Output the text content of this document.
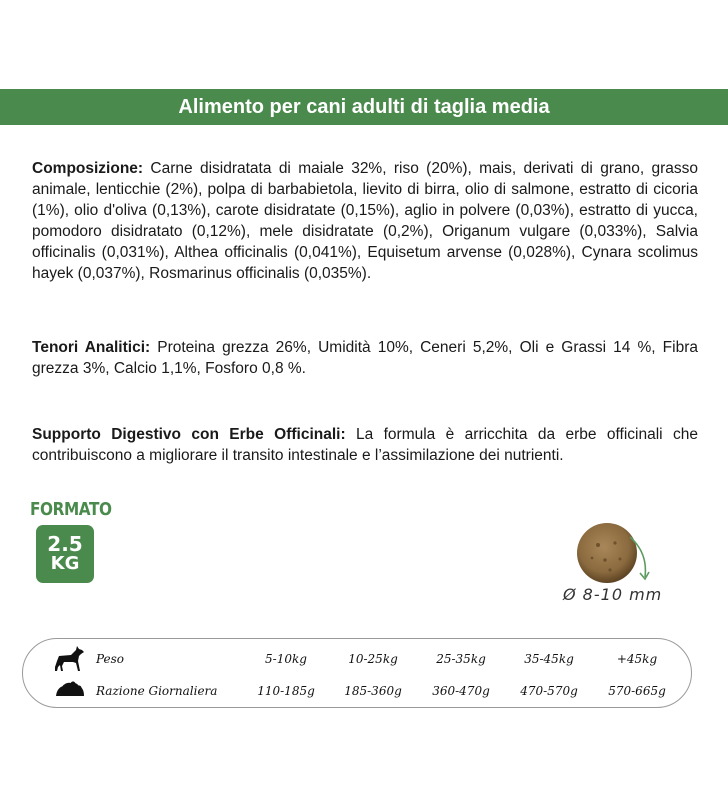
Alimento per cani adulti di taglia media

Composizione: Carne disidratata di maiale 32%, riso (20%), mais, derivati di grano, grasso animale, lenticchie (2%), polpa di barbabietola, lievito di birra, olio di salmone, estratto di cicoria (1%), olio d'oliva (0,13%), carote disidratate (0,15%), aglio in polvere (0,03%), estratto di yucca, pomodoro disidratato (0,12%), mele disidratate (0,2%), Origanum vulgare (0,033%), Salvia officinalis (0,031%), Althea officinalis (0,041%), Equisetum arvense (0,028%), Cynara scolimus hayek (0,037%), Rosmarinus officinalis (0,035%).

Tenori Analitici: Proteina grezza 26%, Umidità 10%, Ceneri 5,2%, Oli e Grassi 14 %, Fibra grezza 3%, Calcio 1,1%, Fosforo 0,8 %.

Supporto Digestivo con Erbe Officinali: La formula è arricchita da erbe officinali che contribuiscono a migliorare il transito intestinale e l’assimilazione dei nutrienti.

FORMATO
2.5
KG
Ø 8-10 mm
Peso	5-10kg	10-25kg	25-35kg	35-45kg	+45kg
Razione Giornaliera	110-185g	185-360g	360-470g	470-570g	570-665g
